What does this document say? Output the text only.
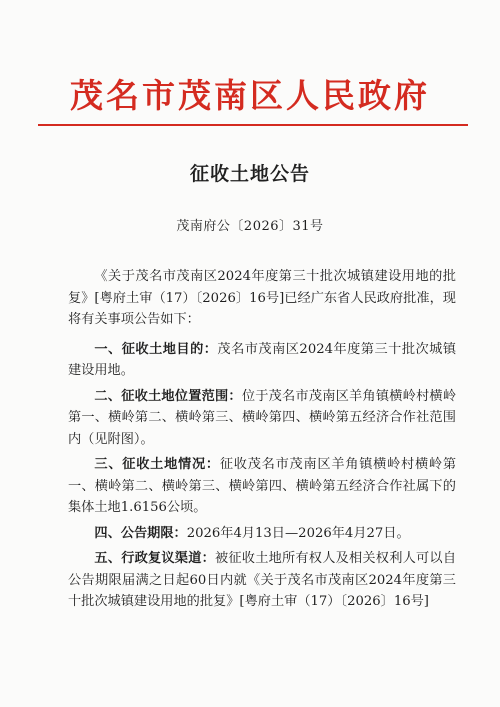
茂名市茂南区人民政府
征收土地公告
茂南府公〔2026〕31号

《关于茂名市茂南区2024年度第三十批次城镇建设用地的批复》[粤府土审（17）〔2026〕16号]已经广东省人民政府批准，现将有关事项公告如下：

一、征收土地目的：茂名市茂南区2024年度第三十批次城镇建设用地。

二、征收土地位置范围：位于茂名市茂南区羊角镇横岭村横岭第一、横岭第二、横岭第三、横岭第四、横岭第五经济合作社范围内（见附图）。

三、征收土地情况：征收茂名市茂南区羊角镇横岭村横岭第一、横岭第二、横岭第三、横岭第四、横岭第五经济合作社属下的集体土地1.6156公顷。

四、公告期限：2026年4月13日—2026年4月27日。

五、行政复议渠道：被征收土地所有权人及相关权利人可以自公告期限届满之日起60日内就《关于茂名市茂南区2024年度第三十批次城镇建设用地的批复》[粤府土审（17）〔2026〕16号]
